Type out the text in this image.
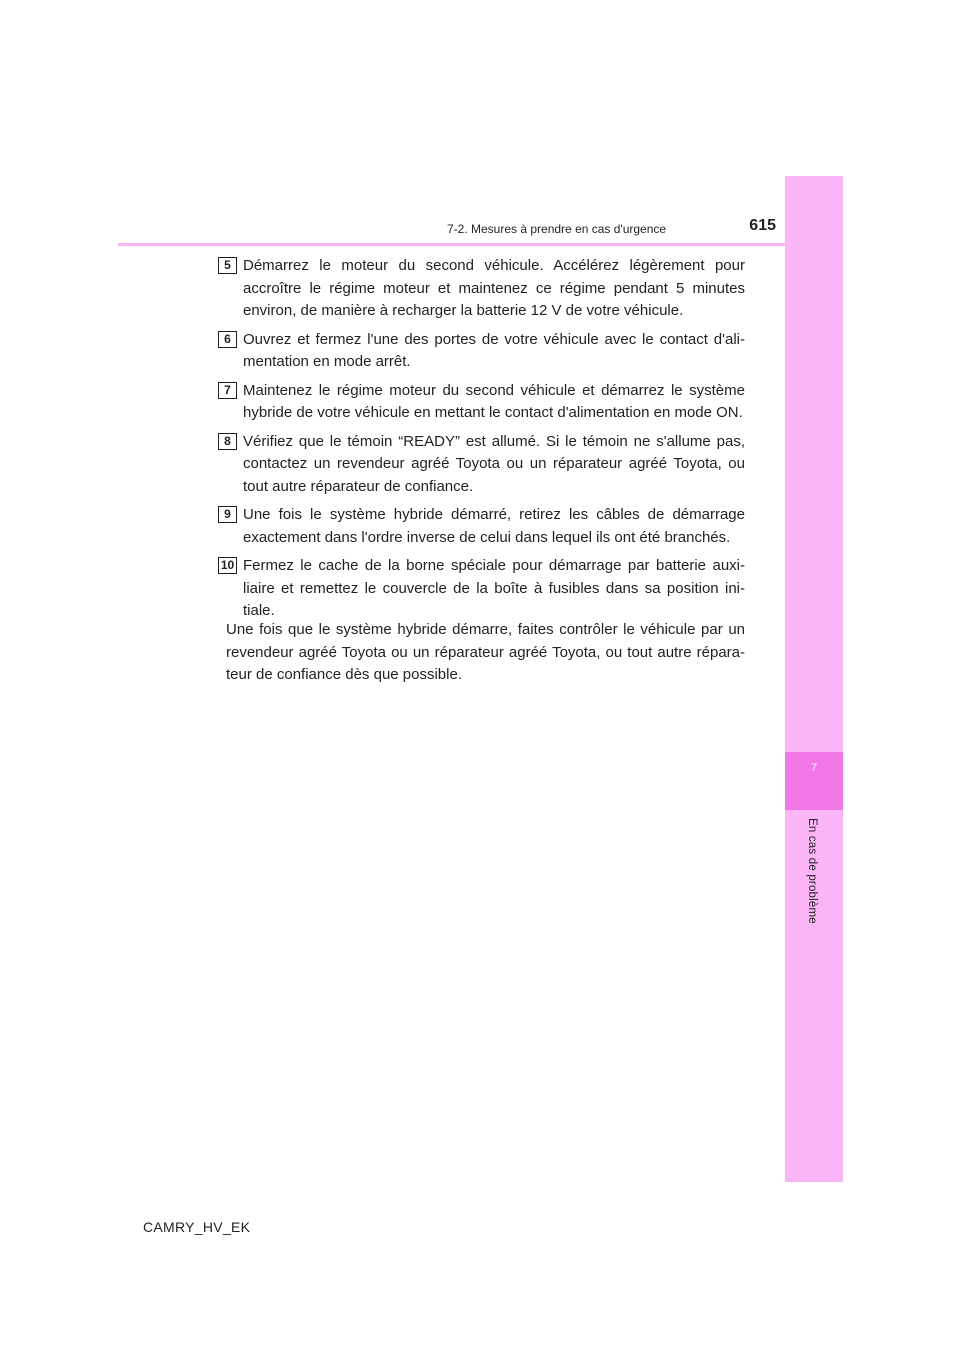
7
En cas de problème
7-2. Mesures à prendre en cas d'urgence	615
5 Démarrez le moteur du second véhicule. Accélérez légèrement pour accroître le régime moteur et maintenez ce régime pendant 5 minutes environ, de manière à recharger la batterie 12 V de votre véhicule.
6 Ouvrez et fermez l'une des portes de votre véhicule avec le contact d'ali-mentation en mode arrêt.
7 Maintenez le régime moteur du second véhicule et démarrez le système hybride de votre véhicule en mettant le contact d'alimentation en mode ON.
8 Vérifiez que le témoin “READY” est allumé. Si le témoin ne s'allume pas, contactez un revendeur agréé Toyota ou un réparateur agréé Toyota, ou tout autre réparateur de confiance.
9 Une fois le système hybride démarré, retirez les câbles de démarrage exactement dans l'ordre inverse de celui dans lequel ils ont été branchés.
10 Fermez le cache de la borne spéciale pour démarrage par batterie auxi-liaire et remettez le couvercle de la boîte à fusibles dans sa position ini-tiale.
Une fois que le système hybride démarre, faites contrôler le véhicule par un revendeur agréé Toyota ou un réparateur agréé Toyota, ou tout autre répara-teur de confiance dès que possible.
CAMRY_HV_EK
